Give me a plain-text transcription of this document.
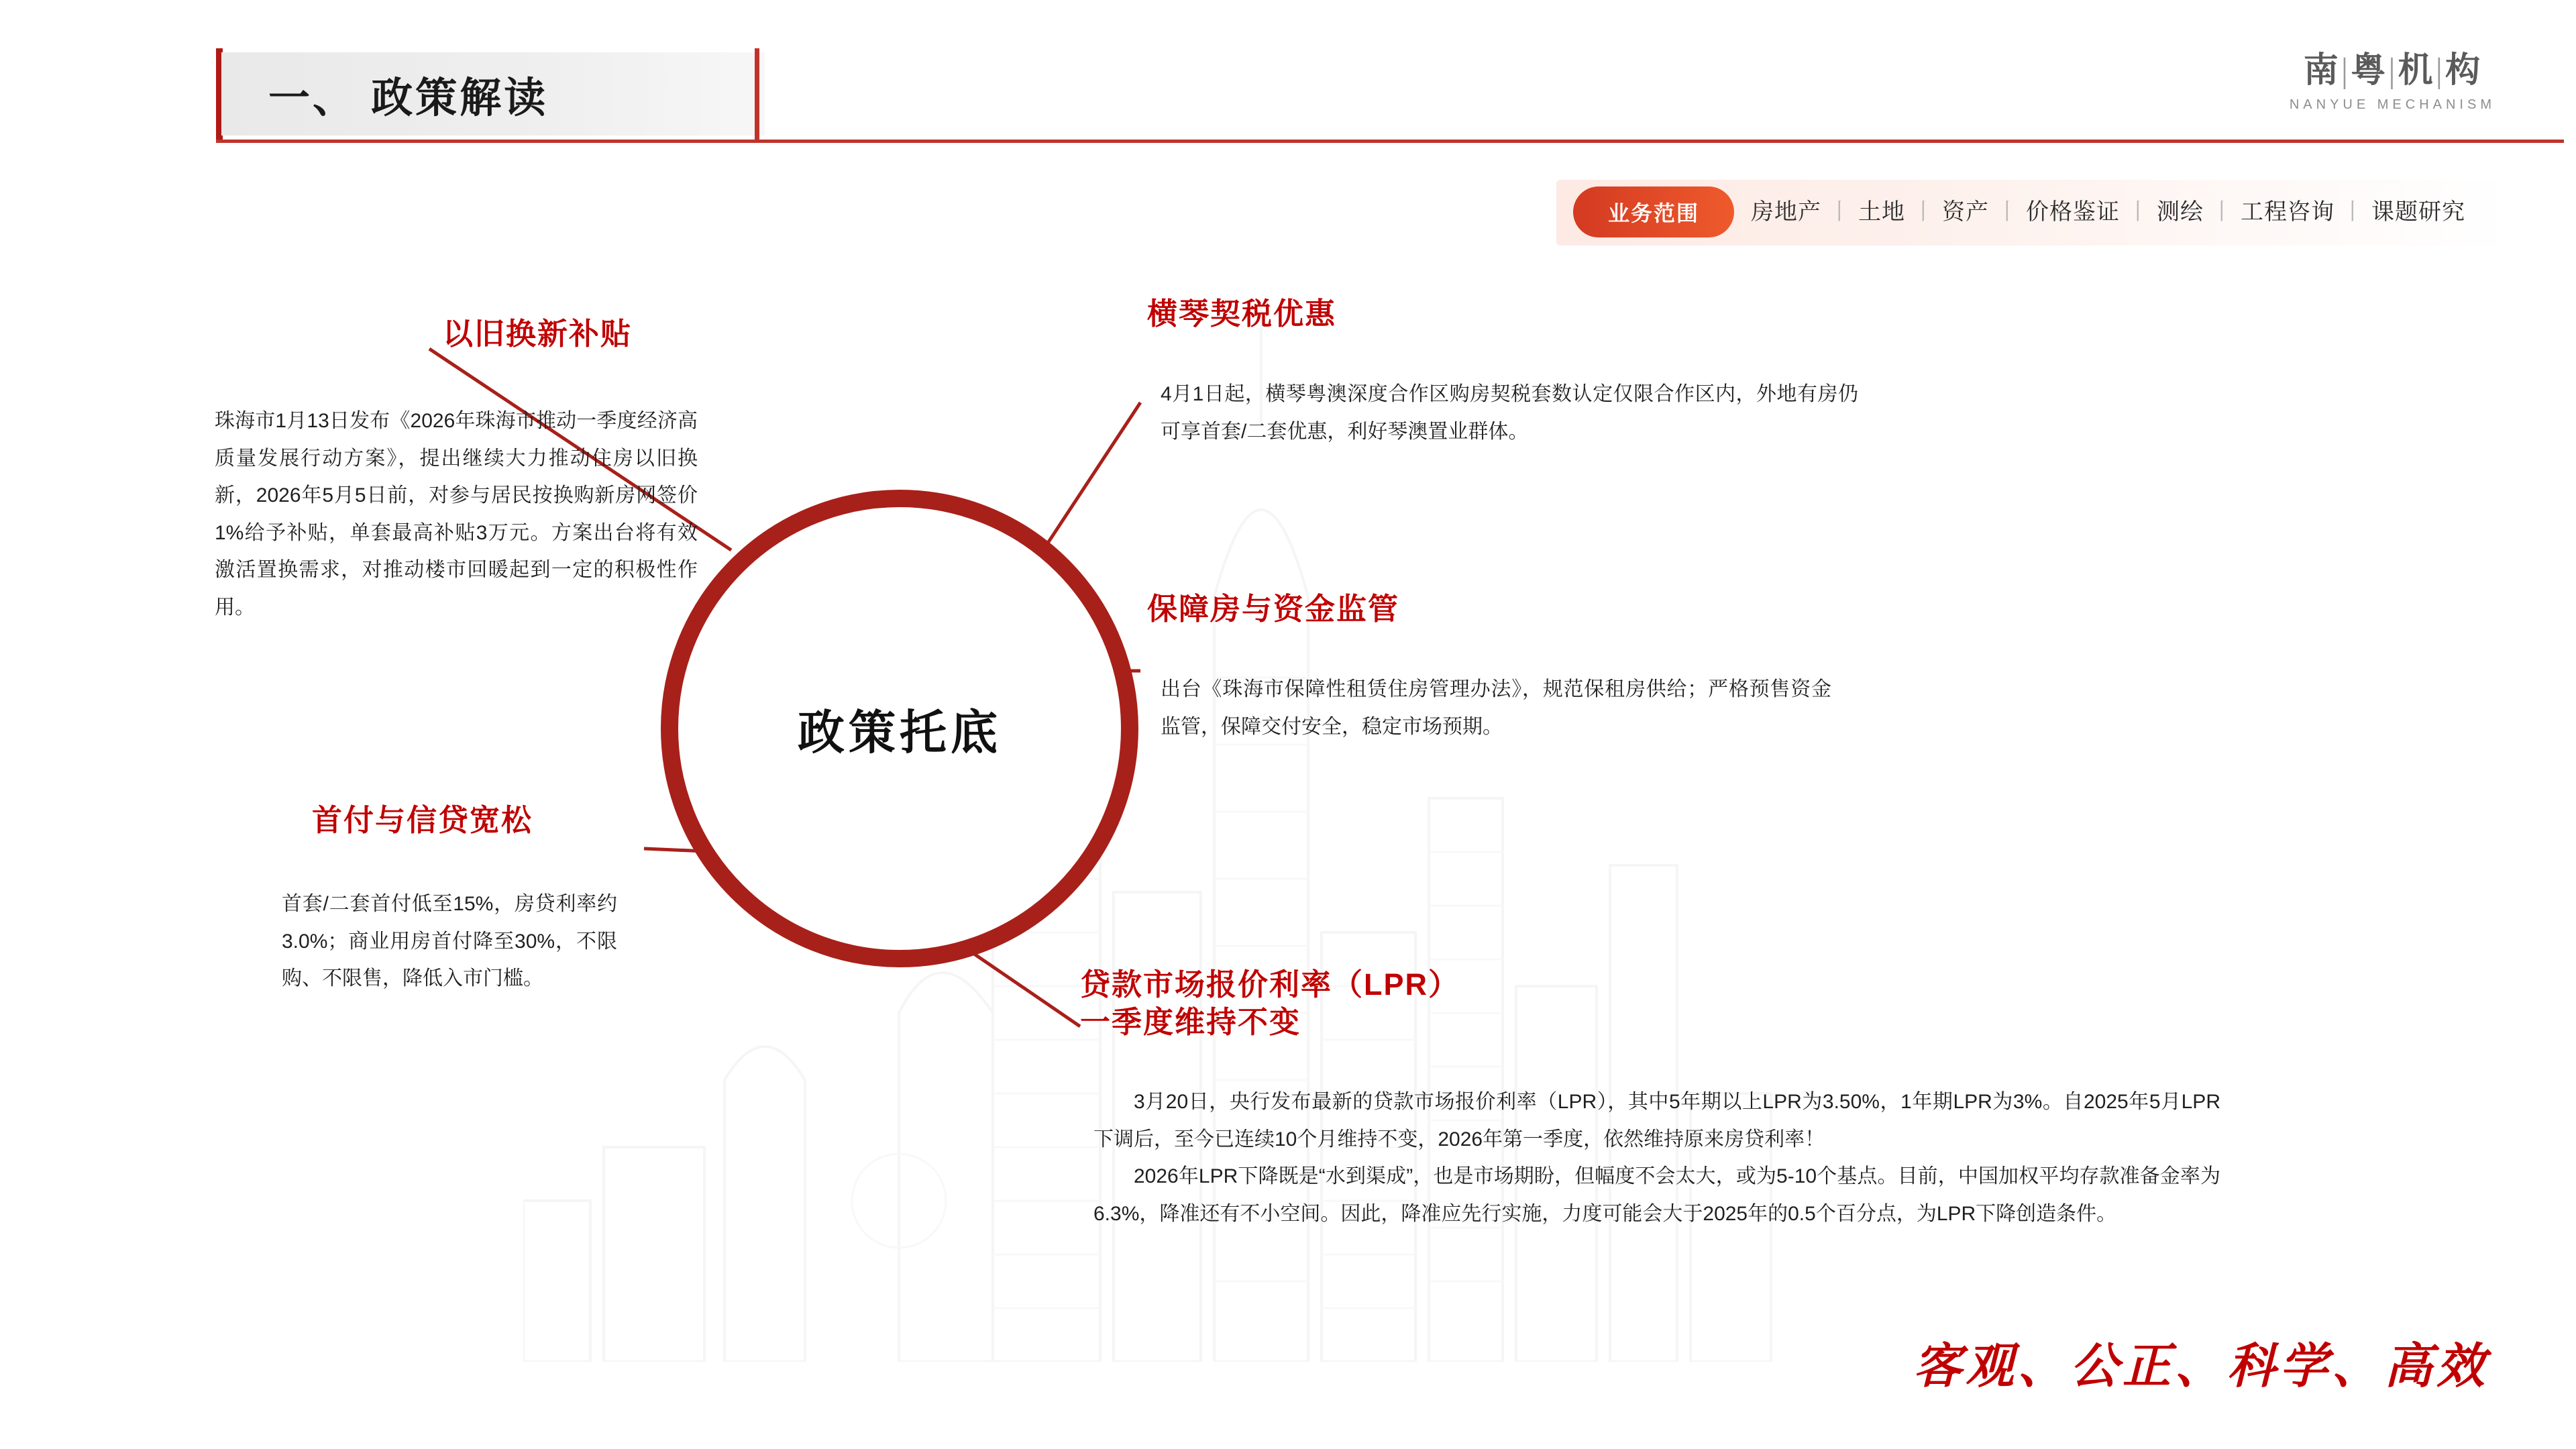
一、 政策解读
南|粤|机|构
NANYUE MECHANISM
业务范围	房地产 丨 土地 丨 资产 丨 价格鉴证 丨 测绘 丨 工程咨询 丨 课题研究
政策托底
以旧换新补贴
珠海市1月13日发布《2026年珠海市推动一季度经济高质量发展行动方案》，提出继续大力推动住房以旧换新，2026年5月5日前，对参与居民按换购新房网签价1%给予补贴，单套最高补贴3万元。方案出台将有效激活置换需求，对推动楼市回暖起到一定的积极性作用。
横琴契税优惠
4月1日起，横琴粤澳深度合作区购房契税套数认定仅限合作区内，外地有房仍可享首套/二套优惠，利好琴澳置业群体。
保障房与资金监管
出台《珠海市保障性租赁住房管理办法》，规范保租房供给；严格预售资金监管，保障交付安全，稳定市场预期。
首付与信贷宽松
首套/二套首付低至15%，房贷利率约3.0%；商业用房首付降至30%，不限购、不限售，降低入市门槛。	贷款市场报价利率（LPR）
一季度维持不变

3月20日，央行发布最新的贷款市场报价利率（LPR），其中5年期以上LPR为3.50%，1年期LPR为3%。自2025年5月LPR下调后，至今已连续10个月维持不变，2026年第一季度，依然维持原来房贷利率！

2026年LPR下降既是“水到渠成”，也是市场期盼，但幅度不会太大，或为5-10个基点。目前，中国加权平均存款准备金率为6.3%，降准还有不小空间。因此，降准应先行实施，力度可能会大于2025年的0.5个百分点，为LPR下降创造条件。

客观、公正、科学、高效
